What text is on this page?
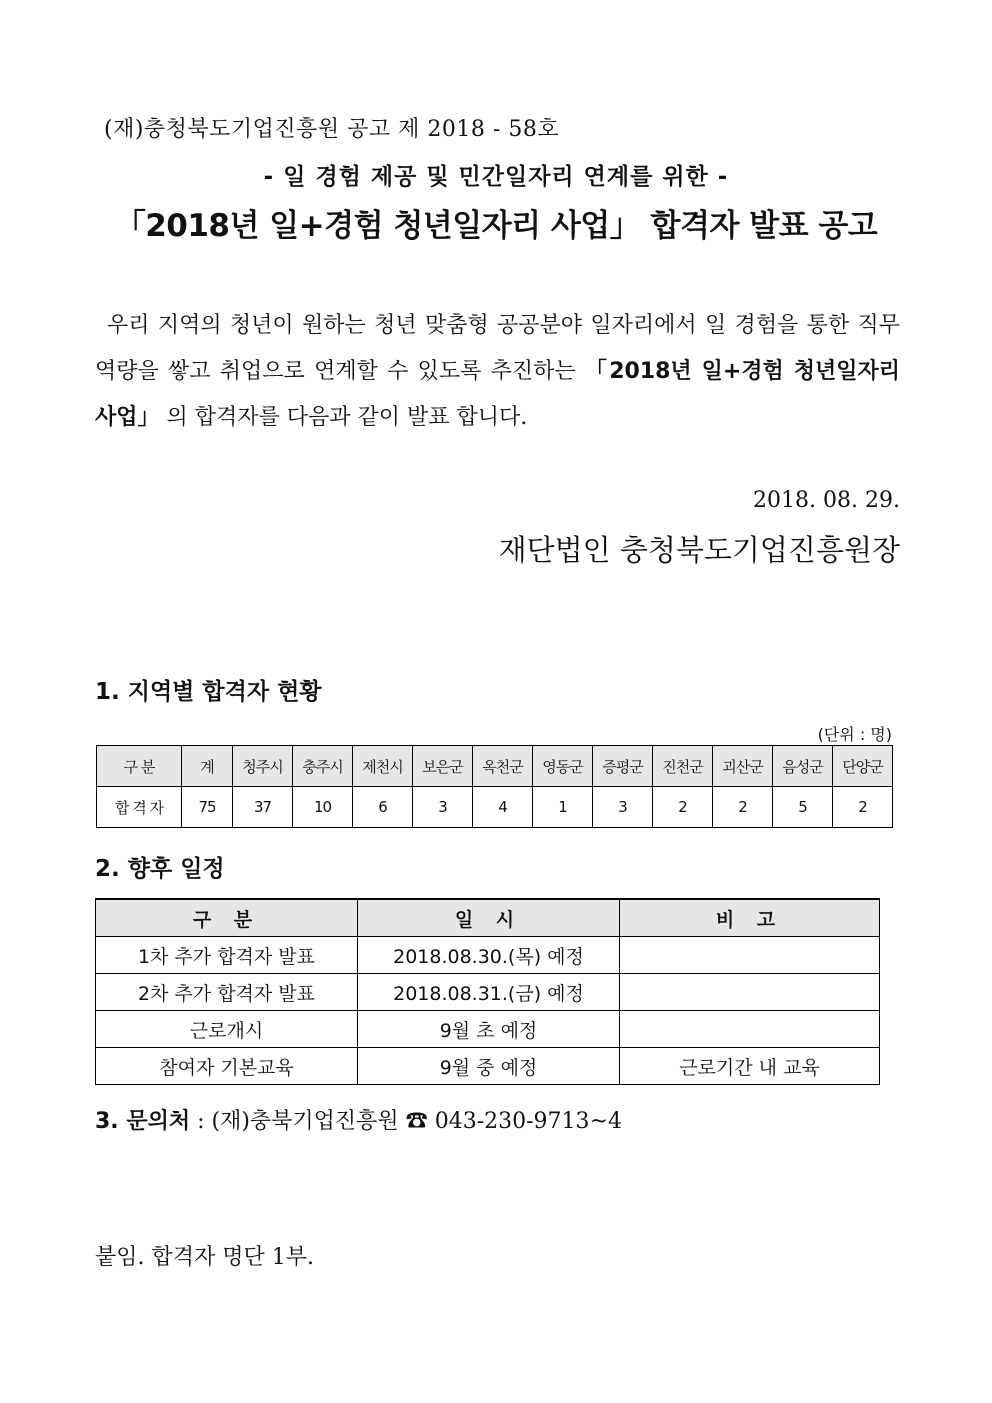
(재)충청북도기업진흥원 공고 제 2018 - 58호
- 일 경험 제공 및 민간일자리 연계를 위한 -
「2018년 일+경험 청년일자리 사업」 합격자 발표 공고
우리 지역의 청년이 원하는 청년 맞춤형 공공분야 일자리에서 일 경험을 통한 직무역량을 쌓고 취업으로 연계할 수 있도록 추진하는 「2018년 일+경험 청년일자리 사업」 의 합격자를 다음과 같이 발표 합니다.
2018. 08. 29.
재단법인 충청북도기업진흥원장
1. 지역별 합격자 현황
(단위 : 명)
구 분	계	청주시	충주시	제천시	보은군	옥천군	영동군	증평군	진천군	괴산군	음성군	단양군
합 격 자	75	37	10	6	3	4	1	3	2	2	5	2
2. 향후 일정
구 분	일 시	비 고
1차 추가 합격자 발표	2018.08.30.(목) 예정	
2차 추가 합격자 발표	2018.08.31.(금) 예정	
근로개시	9월 초 예정	
참여자 기본교육	9월 중 예정	근로기간 내 교육
3. 문의처 : (재)충북기업진흥원 ☎ 043-230-9713~4
붙임. 합격자 명단 1부.
